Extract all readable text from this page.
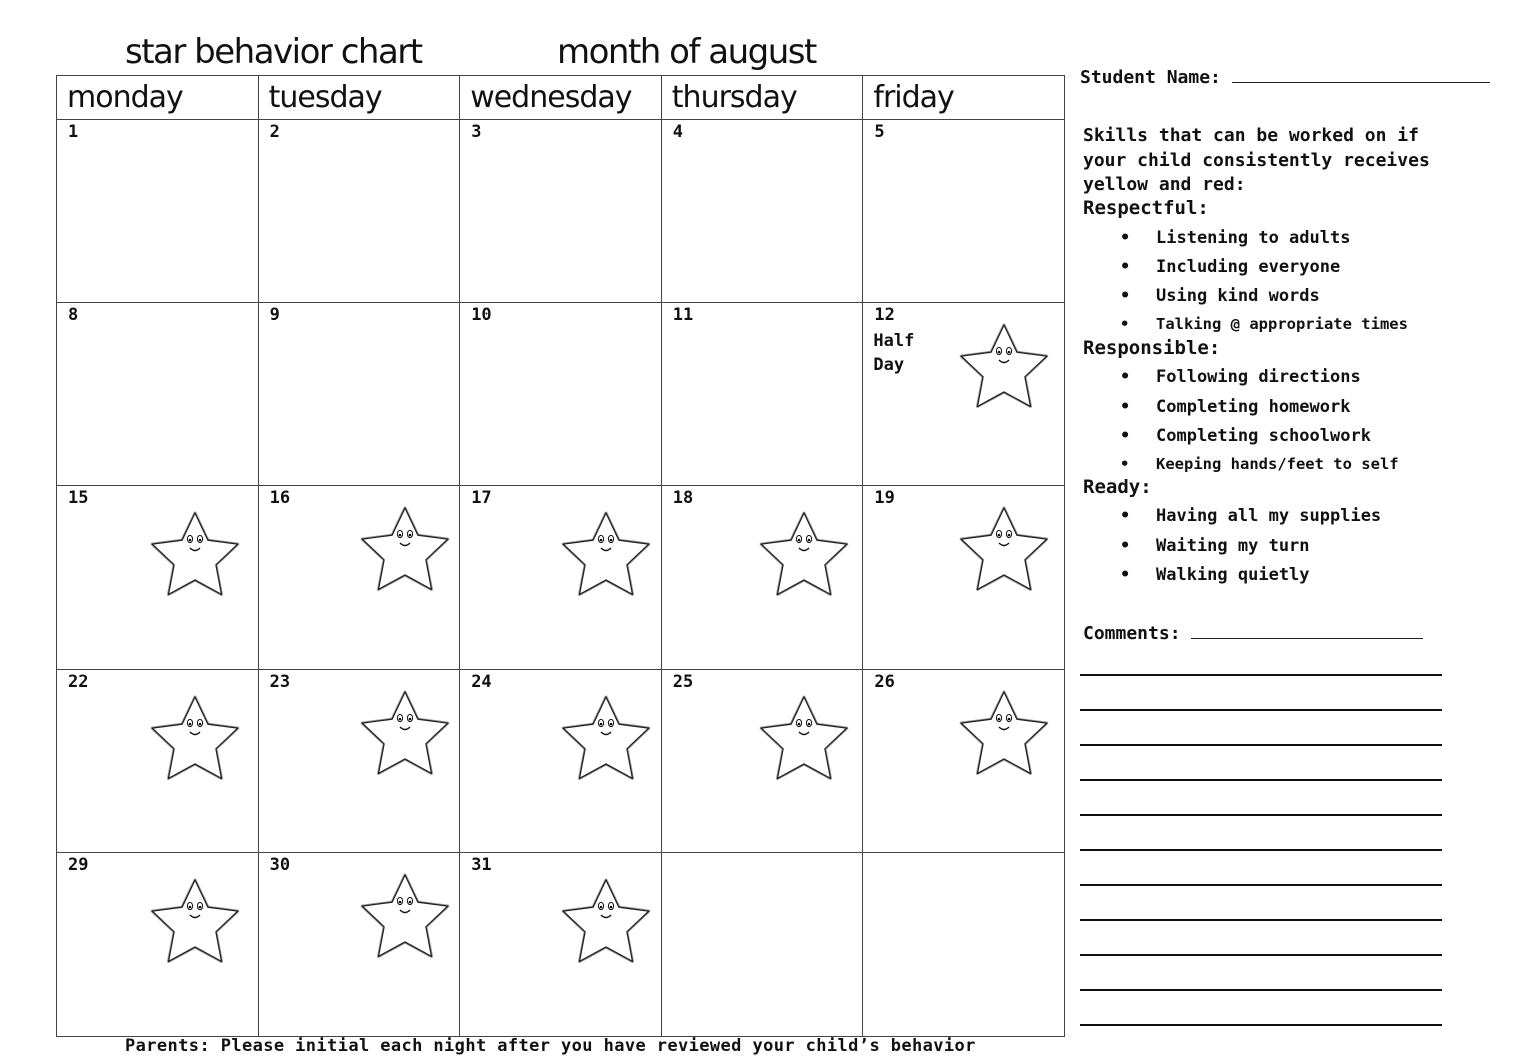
star behavior chart	month of august
monday	tuesday	wednesday	thursday	friday
1	2	3	4	5
8	9	10	11	12
Half Day
15	16	17	18	19
22	23	24	25	26
29	30	31
Student Name:
Skills that can be worked on if your child consistently receives yellow and red:
Respectful:
• Listening to adults
• Including everyone
• Using kind words
• Talking @ appropriate times
Responsible:
• Following directions
• Completing homework
• Completing schoolwork
• Keeping hands/feet to self
Ready:
• Having all my supplies
• Waiting my turn
• Walking quietly
Comments:
Parents: Please initial each night after you have reviewed your child’s behavior
